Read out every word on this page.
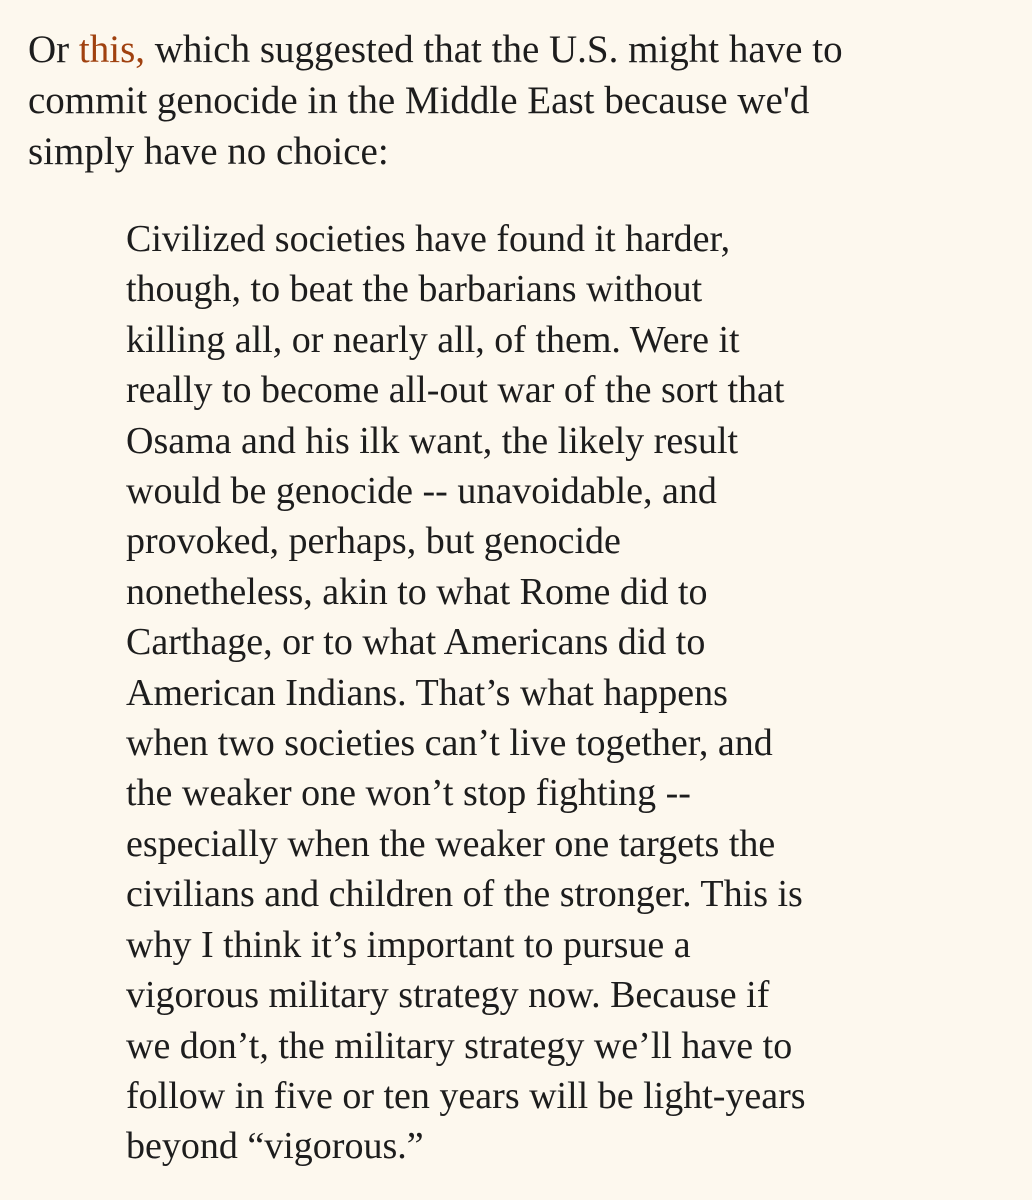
Or this, which suggested that the U.S. might have to
commit genocide in the Middle East because we'd
simply have no choice:

Civilized societies have found it harder,
though, to beat the barbarians without
killing all, or nearly all, of them. Were it
really to become all-out war of the sort that
Osama and his ilk want, the likely result
would be genocide -- unavoidable, and
provoked, perhaps, but genocide
nonetheless, akin to what Rome did to
Carthage, or to what Americans did to
American Indians. That’s what happens
when two societies can’t live together, and
the weaker one won’t stop fighting --
especially when the weaker one targets the
civilians and children of the stronger. This is
why I think it’s important to pursue a
vigorous military strategy now. Because if
we don’t, the military strategy we’ll have to
follow in five or ten years will be light-years
beyond “vigorous.”
